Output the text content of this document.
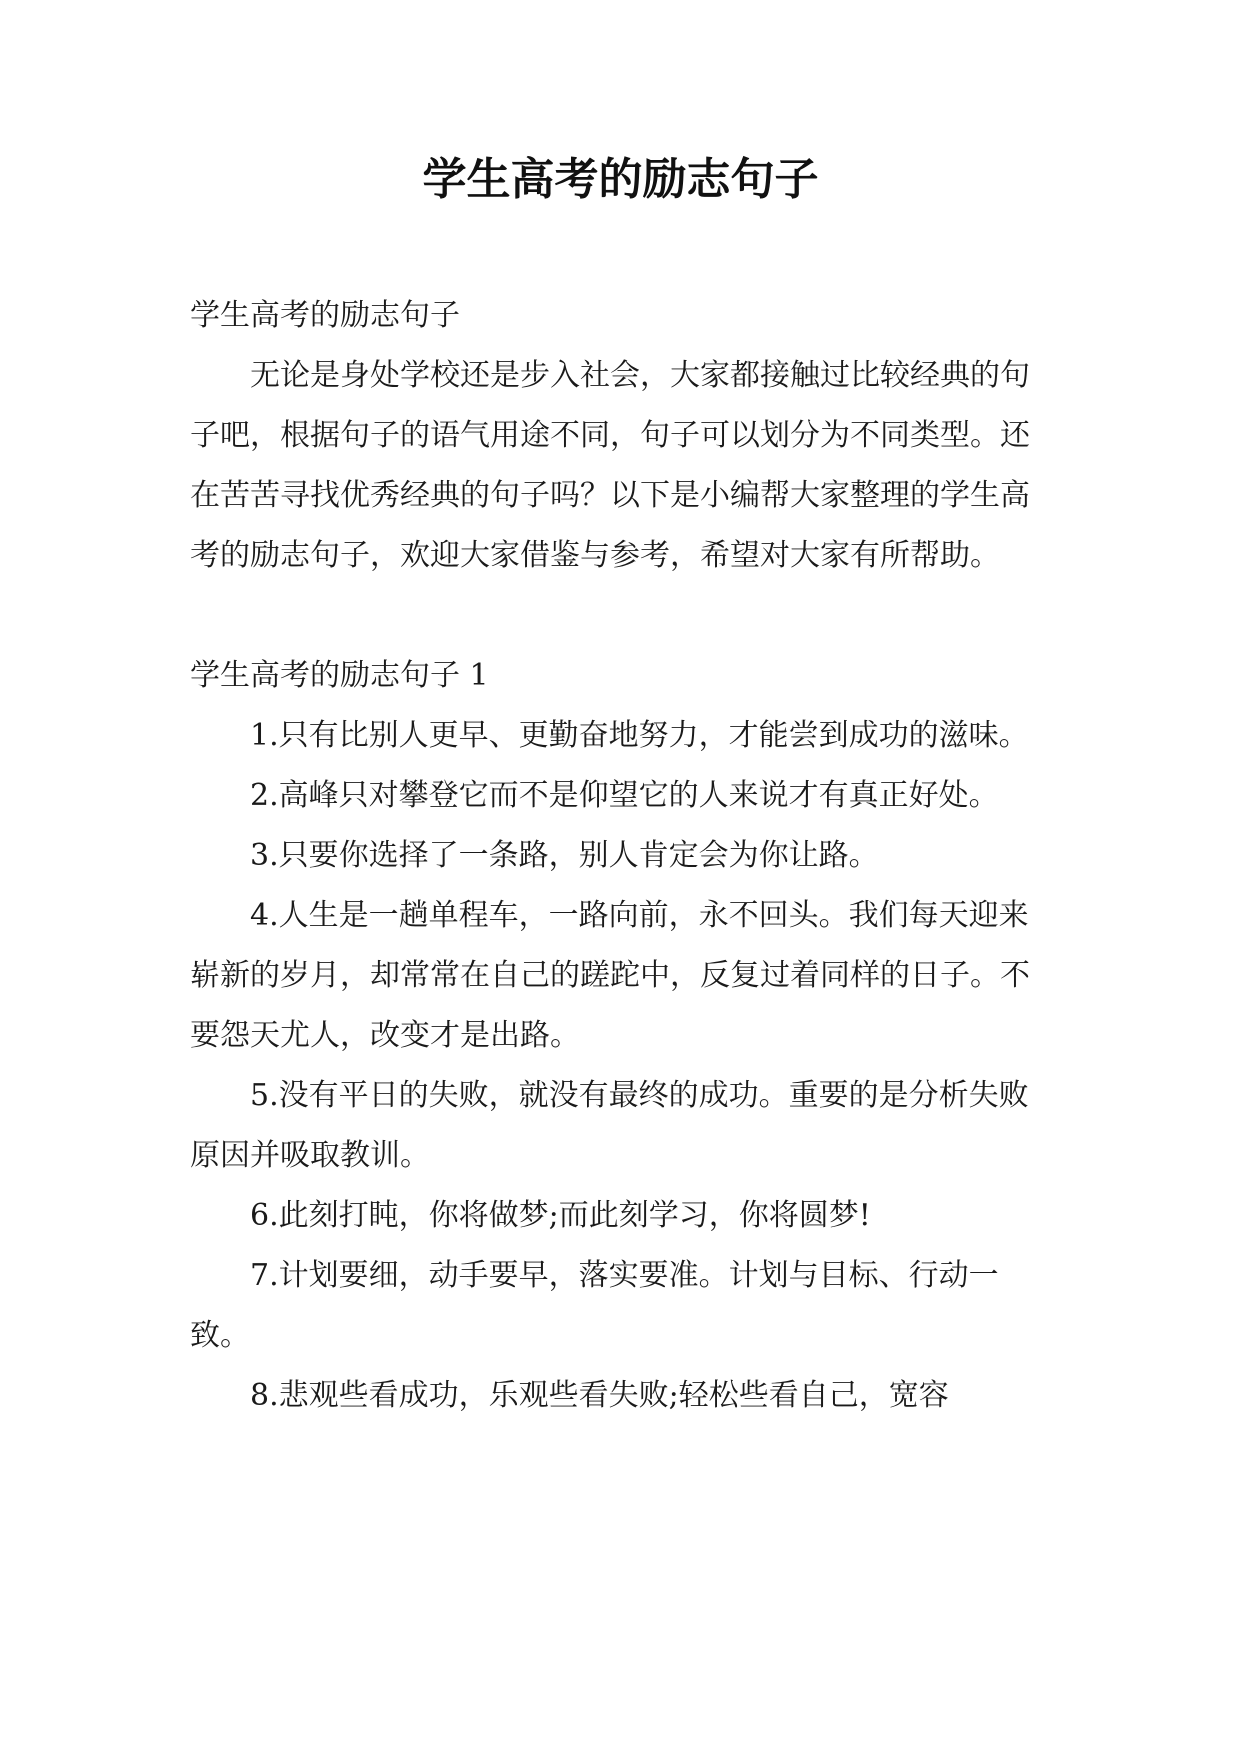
学生高考的励志句子

学生高考的励志句子

无论是身处学校还是步入社会，大家都接触过比较经典的句子吧，根据句子的语气用途不同，句子可以划分为不同类型。还在苦苦寻找优秀经典的句子吗？以下是小编帮大家整理的学生高考的励志句子，欢迎大家借鉴与参考，希望对大家有所帮助。

学生高考的励志句子 1

1.只有比别人更早、更勤奋地努力，才能尝到成功的滋味。

2.高峰只对攀登它而不是仰望它的人来说才有真正好处。

3.只要你选择了一条路，别人肯定会为你让路。

4.人生是一趟单程车，一路向前，永不回头。我们每天迎来崭新的岁月，却常常在自己的蹉跎中，反复过着同样的日子。不要怨天尤人，改变才是出路。

5.没有平日的失败，就没有最终的成功。重要的是分析失败原因并吸取教训。

6.此刻打盹，你将做梦;而此刻学习，你将圆梦!

7.计划要细，动手要早，落实要准。计划与目标、行动一致。

8.悲观些看成功，乐观些看失败;轻松些看自己，宽容
